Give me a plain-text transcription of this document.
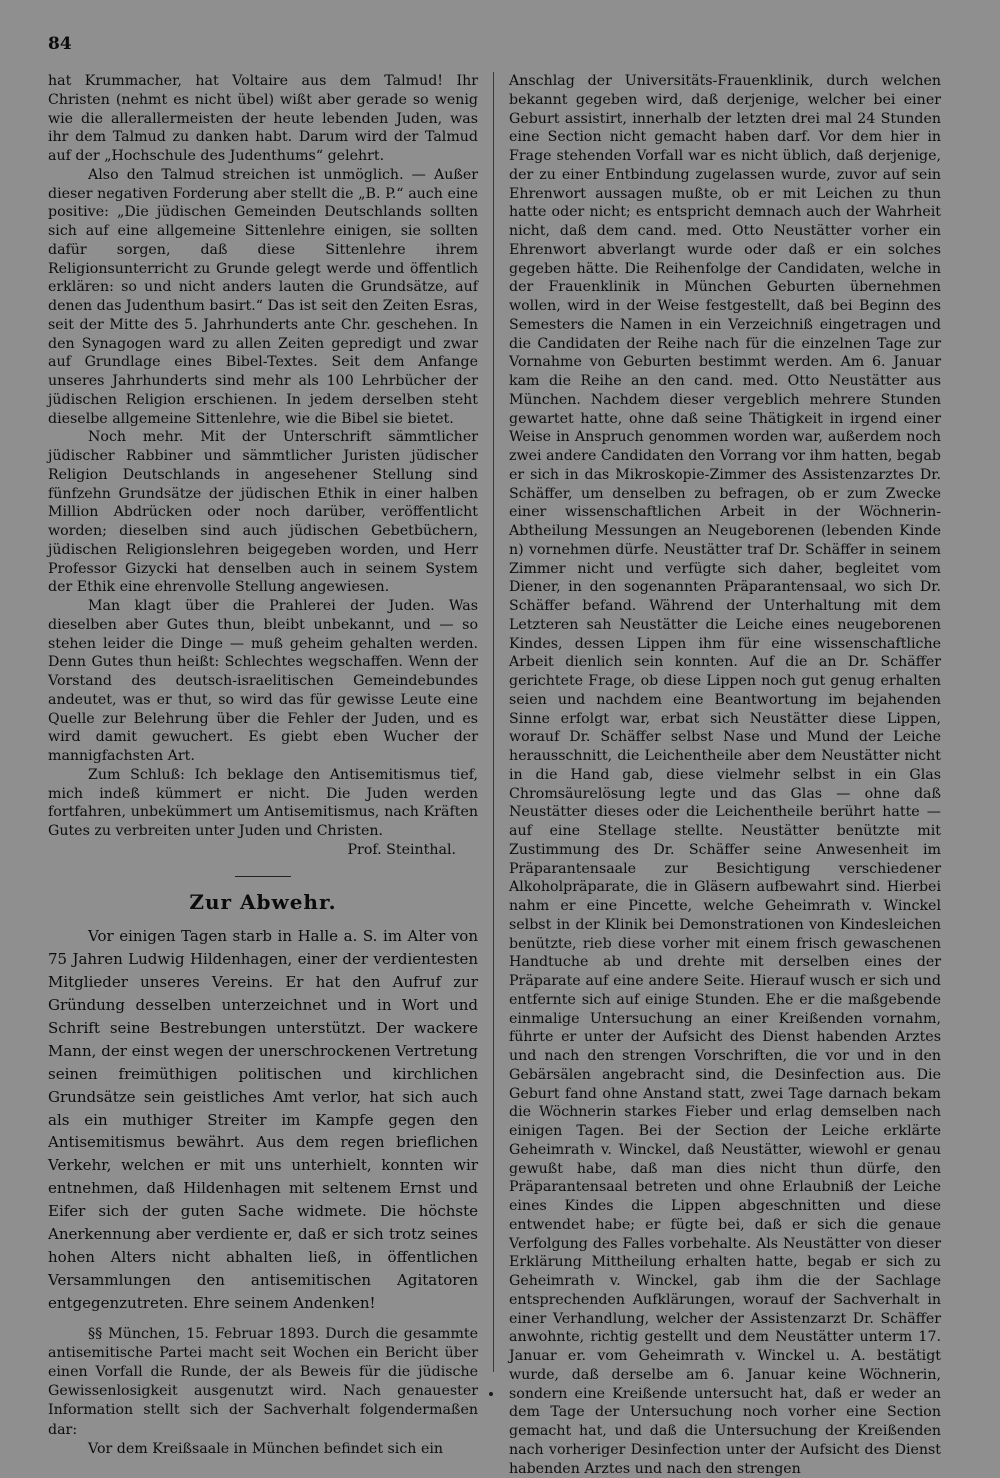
84

hat Krummacher, hat Voltaire aus dem Talmud! Ihr Christen (nehmt es nicht übel) wißt aber gerade so wenig wie die allerallermeisten der heute lebenden Juden, was ihr dem Talmud zu danken habt. Darum wird der Talmud auf der „Hochschule des Judenthums“ gelehrt.

Also den Talmud streichen ist unmöglich. — Außer dieser negativen Forderung aber stellt die „B. P.“ auch eine positive: „Die jüdischen Gemeinden Deutschlands sollten sich auf eine allgemeine Sittenlehre einigen, sie sollten dafür sorgen, daß diese Sittenlehre ihrem Religionsunterricht zu Grunde gelegt werde und öffentlich erklären: so und nicht anders lauten die Grundsätze, auf denen das Judenthum basirt.“ Das ist seit den Zeiten Esras, seit der Mitte des 5. Jahrhunderts ante Chr. geschehen. In den Synagogen ward zu allen Zeiten gepredigt und zwar auf Grundlage eines Bibel-Textes. Seit dem Anfange unseres Jahrhunderts sind mehr als 100 Lehrbücher der jüdischen Religion erschienen. In jedem derselben steht dieselbe allgemeine Sittenlehre, wie die Bibel sie bietet.

Noch mehr. Mit der Unterschrift sämmtlicher jüdischer Rabbiner und sämmtlicher Juristen jüdischer Religion Deutschlands in angesehener Stellung sind fünfzehn Grundsätze der jüdischen Ethik in einer halben Million Abdrücken oder noch darüber, veröffentlicht worden; dieselben sind auch jüdischen Gebetbüchern, jüdischen Religionslehren beigegeben worden, und Herr Professor Gizycki hat denselben auch in seinem System der Ethik eine ehrenvolle Stellung angewiesen.

Man klagt über die Prahlerei der Juden. Was dieselben aber Gutes thun, bleibt unbekannt, und — so stehen leider die Dinge — muß geheim gehalten werden. Denn Gutes thun heißt: Schlechtes wegschaffen. Wenn der Vorstand des deutsch-israelitischen Gemeindebundes andeutet, was er thut, so wird das für gewisse Leute eine Quelle zur Belehrung über die Fehler der Juden, und es wird damit gewuchert. Es giebt eben Wucher der mannigfachsten Art.

Zum Schluß: Ich beklage den Antisemitismus tief, mich indeß kümmert er nicht. Die Juden werden fortfahren, unbekümmert um Antisemitismus, nach Kräften Gutes zu verbreiten unter Juden und Christen.

Prof. Steinthal.

Zur Abwehr.

Vor einigen Tagen starb in Halle a. S. im Alter von 75 Jahren Ludwig Hildenhagen, einer der verdientesten Mitglieder unseres Vereins. Er hat den Aufruf zur Gründung desselben unterzeichnet und in Wort und Schrift seine Bestrebungen unterstützt. Der wackere Mann, der einst wegen der unerschrockenen Vertretung seinen freimüthigen politischen und kirchlichen Grundsätze sein geistliches Amt verlor, hat sich auch als ein muthiger Streiter im Kampfe gegen den Antisemitismus bewährt. Aus dem regen brieflichen Verkehr, welchen er mit uns unterhielt, konnten wir entnehmen, daß Hildenhagen mit seltenem Ernst und Eifer sich der guten Sache widmete. Die höchste Anerkennung aber verdiente er, daß er sich trotz seines hohen Alters nicht abhalten ließ, in öffentlichen Versammlungen den antisemitischen Agitatoren entgegenzutreten. Ehre seinem Andenken!

§§ München, 15. Februar 1893. Durch die gesammte antisemitische Partei macht seit Wochen ein Bericht über einen Vorfall die Runde, der als Beweis für die jüdische Gewissenlosigkeit ausgenutzt wird. Nach genauester Information stellt sich der Sachverhalt folgendermaßen dar:

Vor dem Kreißsaale in München befindet sich ein

Anschlag der Universitäts-Frauenklinik, durch welchen bekannt gegeben wird, daß derjenige, welcher bei einer Geburt assistirt, innerhalb der letzten drei mal 24 Stunden eine Section nicht gemacht haben darf. Vor dem hier in Frage stehenden Vorfall war es nicht üblich, daß derjenige, der zu einer Entbindung zugelassen wurde, zuvor auf sein Ehrenwort aussagen mußte, ob er mit Leichen zu thun hatte oder nicht; es entspricht demnach auch der Wahrheit nicht, daß dem cand. med. Otto Neustätter vorher ein Ehrenwort abverlangt wurde oder daß er ein solches gegeben hätte. Die Reihenfolge der Candidaten, welche in der Frauenklinik in München Geburten übernehmen wollen, wird in der Weise festgestellt, daß bei Beginn des Semesters die Namen in ein Verzeichniß eingetragen und die Candidaten der Reihe nach für die einzelnen Tage zur Vornahme von Geburten bestimmt werden. Am 6. Januar kam die Reihe an den cand. med. Otto Neustätter aus München. Nachdem dieser vergeblich mehrere Stunden gewartet hatte, ohne daß seine Thätigkeit in irgend einer Weise in Anspruch genommen worden war, außerdem noch zwei andere Candidaten den Vorrang vor ihm hatten, begab er sich in das Mikroskopie-Zimmer des Assistenzarztes Dr. Schäffer, um denselben zu befragen, ob er zum Zwecke einer wissenschaftlichen Arbeit in der Wöchnerin-Abtheilung Messungen an Neugeborenen (lebenden Kinde n) vornehmen dürfe. Neustätter traf Dr. Schäffer in seinem Zimmer nicht und verfügte sich daher, begleitet vom Diener, in den sogenannten Präparantensaal, wo sich Dr. Schäffer befand. Während der Unterhaltung mit dem Letzteren sah Neustätter die Leiche eines neugeborenen Kindes, dessen Lippen ihm für eine wissenschaftliche Arbeit dienlich sein konnten. Auf die an Dr. Schäffer gerichtete Frage, ob diese Lippen noch gut genug erhalten seien und nachdem eine Beantwortung im bejahenden Sinne erfolgt war, erbat sich Neustätter diese Lippen, worauf Dr. Schäffer selbst Nase und Mund der Leiche herausschnitt, die Leichentheile aber dem Neustätter nicht in die Hand gab, diese vielmehr selbst in ein Glas Chromsäurelösung legte und das Glas — ohne daß Neustätter dieses oder die Leichentheile berührt hatte — auf eine Stellage stellte. Neustätter benützte mit Zustimmung des Dr. Schäffer seine Anwesenheit im Präparantensaale zur Besichtigung verschiedener Alkoholpräparate, die in Gläsern aufbewahrt sind. Hierbei nahm er eine Pincette, welche Geheimrath v. Winckel selbst in der Klinik bei Demonstrationen von Kindesleichen benützte, rieb diese vorher mit einem frisch gewaschenen Handtuche ab und drehte mit derselben eines der Präparate auf eine andere Seite. Hierauf wusch er sich und entfernte sich auf einige Stunden. Ehe er die maßgebende einmalige Untersuchung an einer Kreißenden vornahm, führte er unter der Aufsicht des Dienst habenden Arztes und nach den strengen Vorschriften, die vor und in den Gebärsälen angebracht sind, die Desinfection aus. Die Geburt fand ohne Anstand statt, zwei Tage darnach bekam die Wöchnerin starkes Fieber und erlag demselben nach einigen Tagen. Bei der Section der Leiche erklärte Geheimrath v. Winckel, daß Neustätter, wiewohl er genau gewußt habe, daß man dies nicht thun dürfe, den Präparantensaal betreten und ohne Erlaubniß der Leiche eines Kindes die Lippen abgeschnitten und diese entwendet habe; er fügte bei, daß er sich die genaue Verfolgung des Falles vorbehalte. Als Neustätter von dieser Erklärung Mittheilung erhalten hatte, begab er sich zu Geheimrath v. Winckel, gab ihm die der Sachlage entsprechenden Aufklärungen, worauf der Sachverhalt in einer Verhandlung, welcher der Assistenzarzt Dr. Schäffer anwohnte, richtig gestellt und dem Neustätter unterm 17. Januar er. vom Geheimrath v. Winckel u. A. bestätigt wurde, daß derselbe am 6. Januar keine Wöchnerin, sondern eine Kreißende untersucht hat, daß er weder an dem Tage der Untersuchung noch vorher eine Section gemacht hat, und daß die Untersuchung der Kreißenden nach vorheriger Desinfection unter der Aufsicht des Dienst habenden Arztes und nach den strengen
